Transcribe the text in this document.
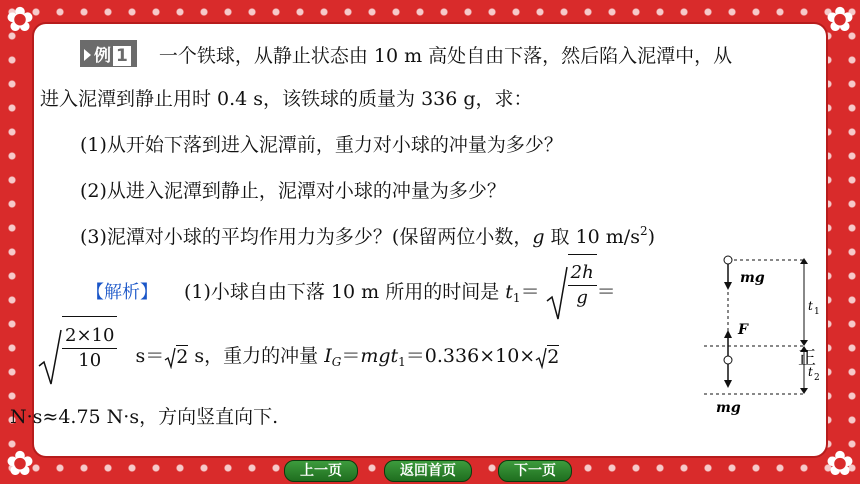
✿	✿
✿	✿
例 1 一个铁球，从静止状态由 10 m 高处自由下落，然后陷入泥潭中，从
进入泥潭到静止用时 0.4 s，该铁球的质量为 336 g，求：
(1)从开始下落到进入泥潭前，重力对小球的冲量为多少？
(2)从进入泥潭到静止，泥潭对小球的冲量为多少？
(3)泥潭对小球的平均作用力为多少？(保留两位小数，g 取 10 $m/s^2$)
【解析】 (1)小球自由下落 10 m 所用的时间是 $t_1= \frac{2h}{g}$ ＝
$\frac{2\times 10}{10} s= 2$ s，重力的冲量 $I_G=mgt_1=0.336\times 10\times 2$
N·s≈4.75 N·s，方向竖直向下.
mg
F
mg
t 1
t 2
正
上一页	返回首页	下一页
